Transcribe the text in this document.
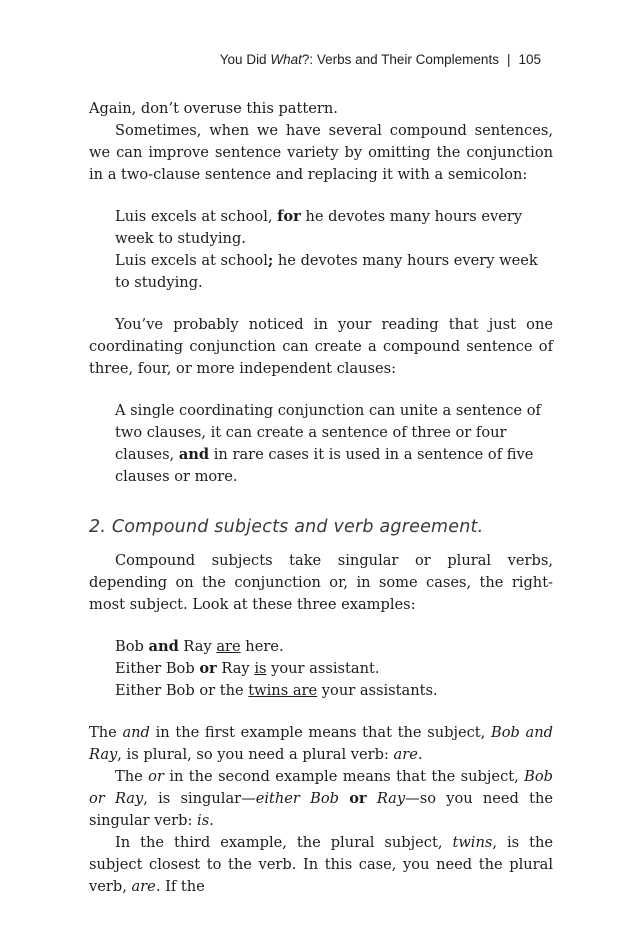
You Did What?: Verbs and Their Complements | 105

Again, don’t overuse this pattern.

Sometimes, when we have several compound sentences, we can improve sentence variety by omitting the conjunction in a two-clause sentence and replacing it with a semicolon:

Luis excels at school, for he devotes many hours every week to studying.

Luis excels at school; he devotes many hours every week to studying.

You’ve probably noticed in your reading that just one coordinating conjunction can create a compound sentence of three, four, or more independent clauses:

A single coordinating conjunction can unite a sentence of two clauses, it can create a sentence of three or four clauses, and in rare cases it is used in a sentence of five clauses or more.

2. Compound subjects and verb agreement.

Compound subjects take singular or plural verbs, depending on the conjunction or, in some cases, the right-most subject. Look at these three examples:

Bob and Ray are here.

Either Bob or Ray is your assistant.

Either Bob or the twins are your assistants.

The and in the first example means that the subject, Bob and Ray, is plural, so you need a plural verb: are.

The or in the second example means that the subject, Bob or Ray, is singular—either Bob or Ray—so you need the singular verb: is.

In the third example, the plural subject, twins, is the subject closest to the verb. In this case, you need the plural verb, are. If the
